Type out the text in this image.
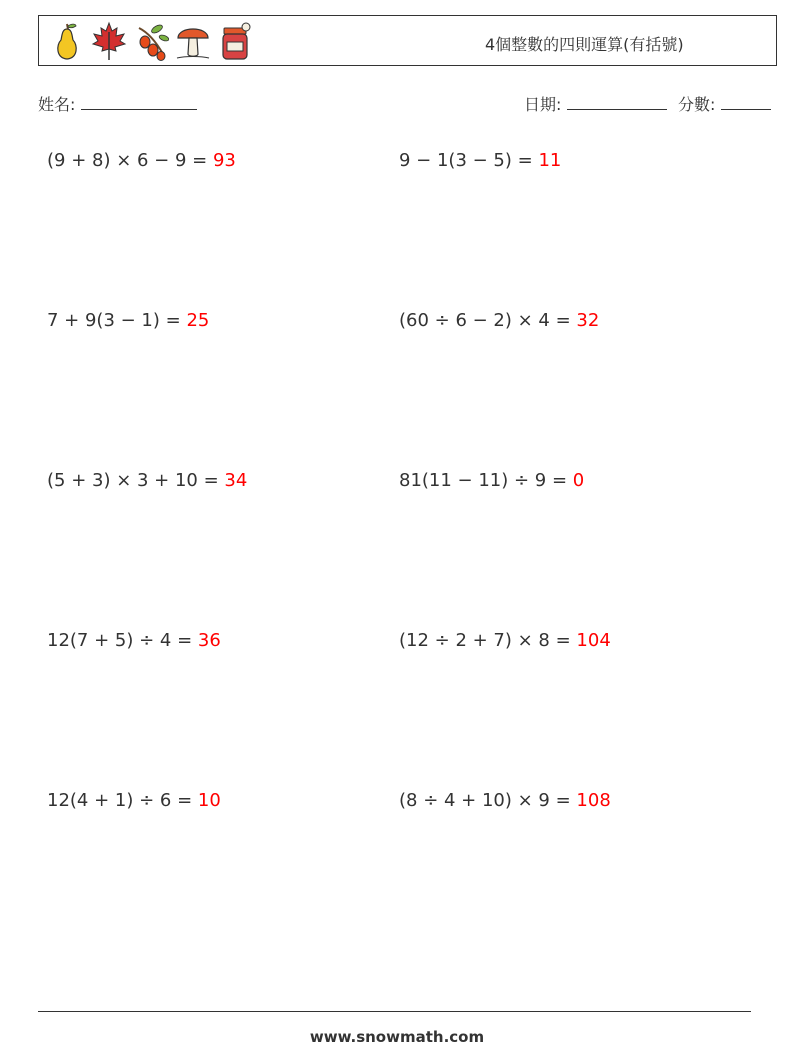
4個整數的四則運算(有括號)
姓名:	日期:	分數:
(9 + 8) × 6 − 9 = 93	9 − 1(3 − 5) = 11
7 + 9(3 − 1) = 25	(60 ÷ 6 − 2) × 4 = 32
(5 + 3) × 3 + 10 = 34	81(11 − 11) ÷ 9 = 0
12(7 + 5) ÷ 4 = 36	(12 ÷ 2 + 7) × 8 = 104
12(4 + 1) ÷ 6 = 10	(8 ÷ 4 + 10) × 9 = 108
www.snowmath.com
